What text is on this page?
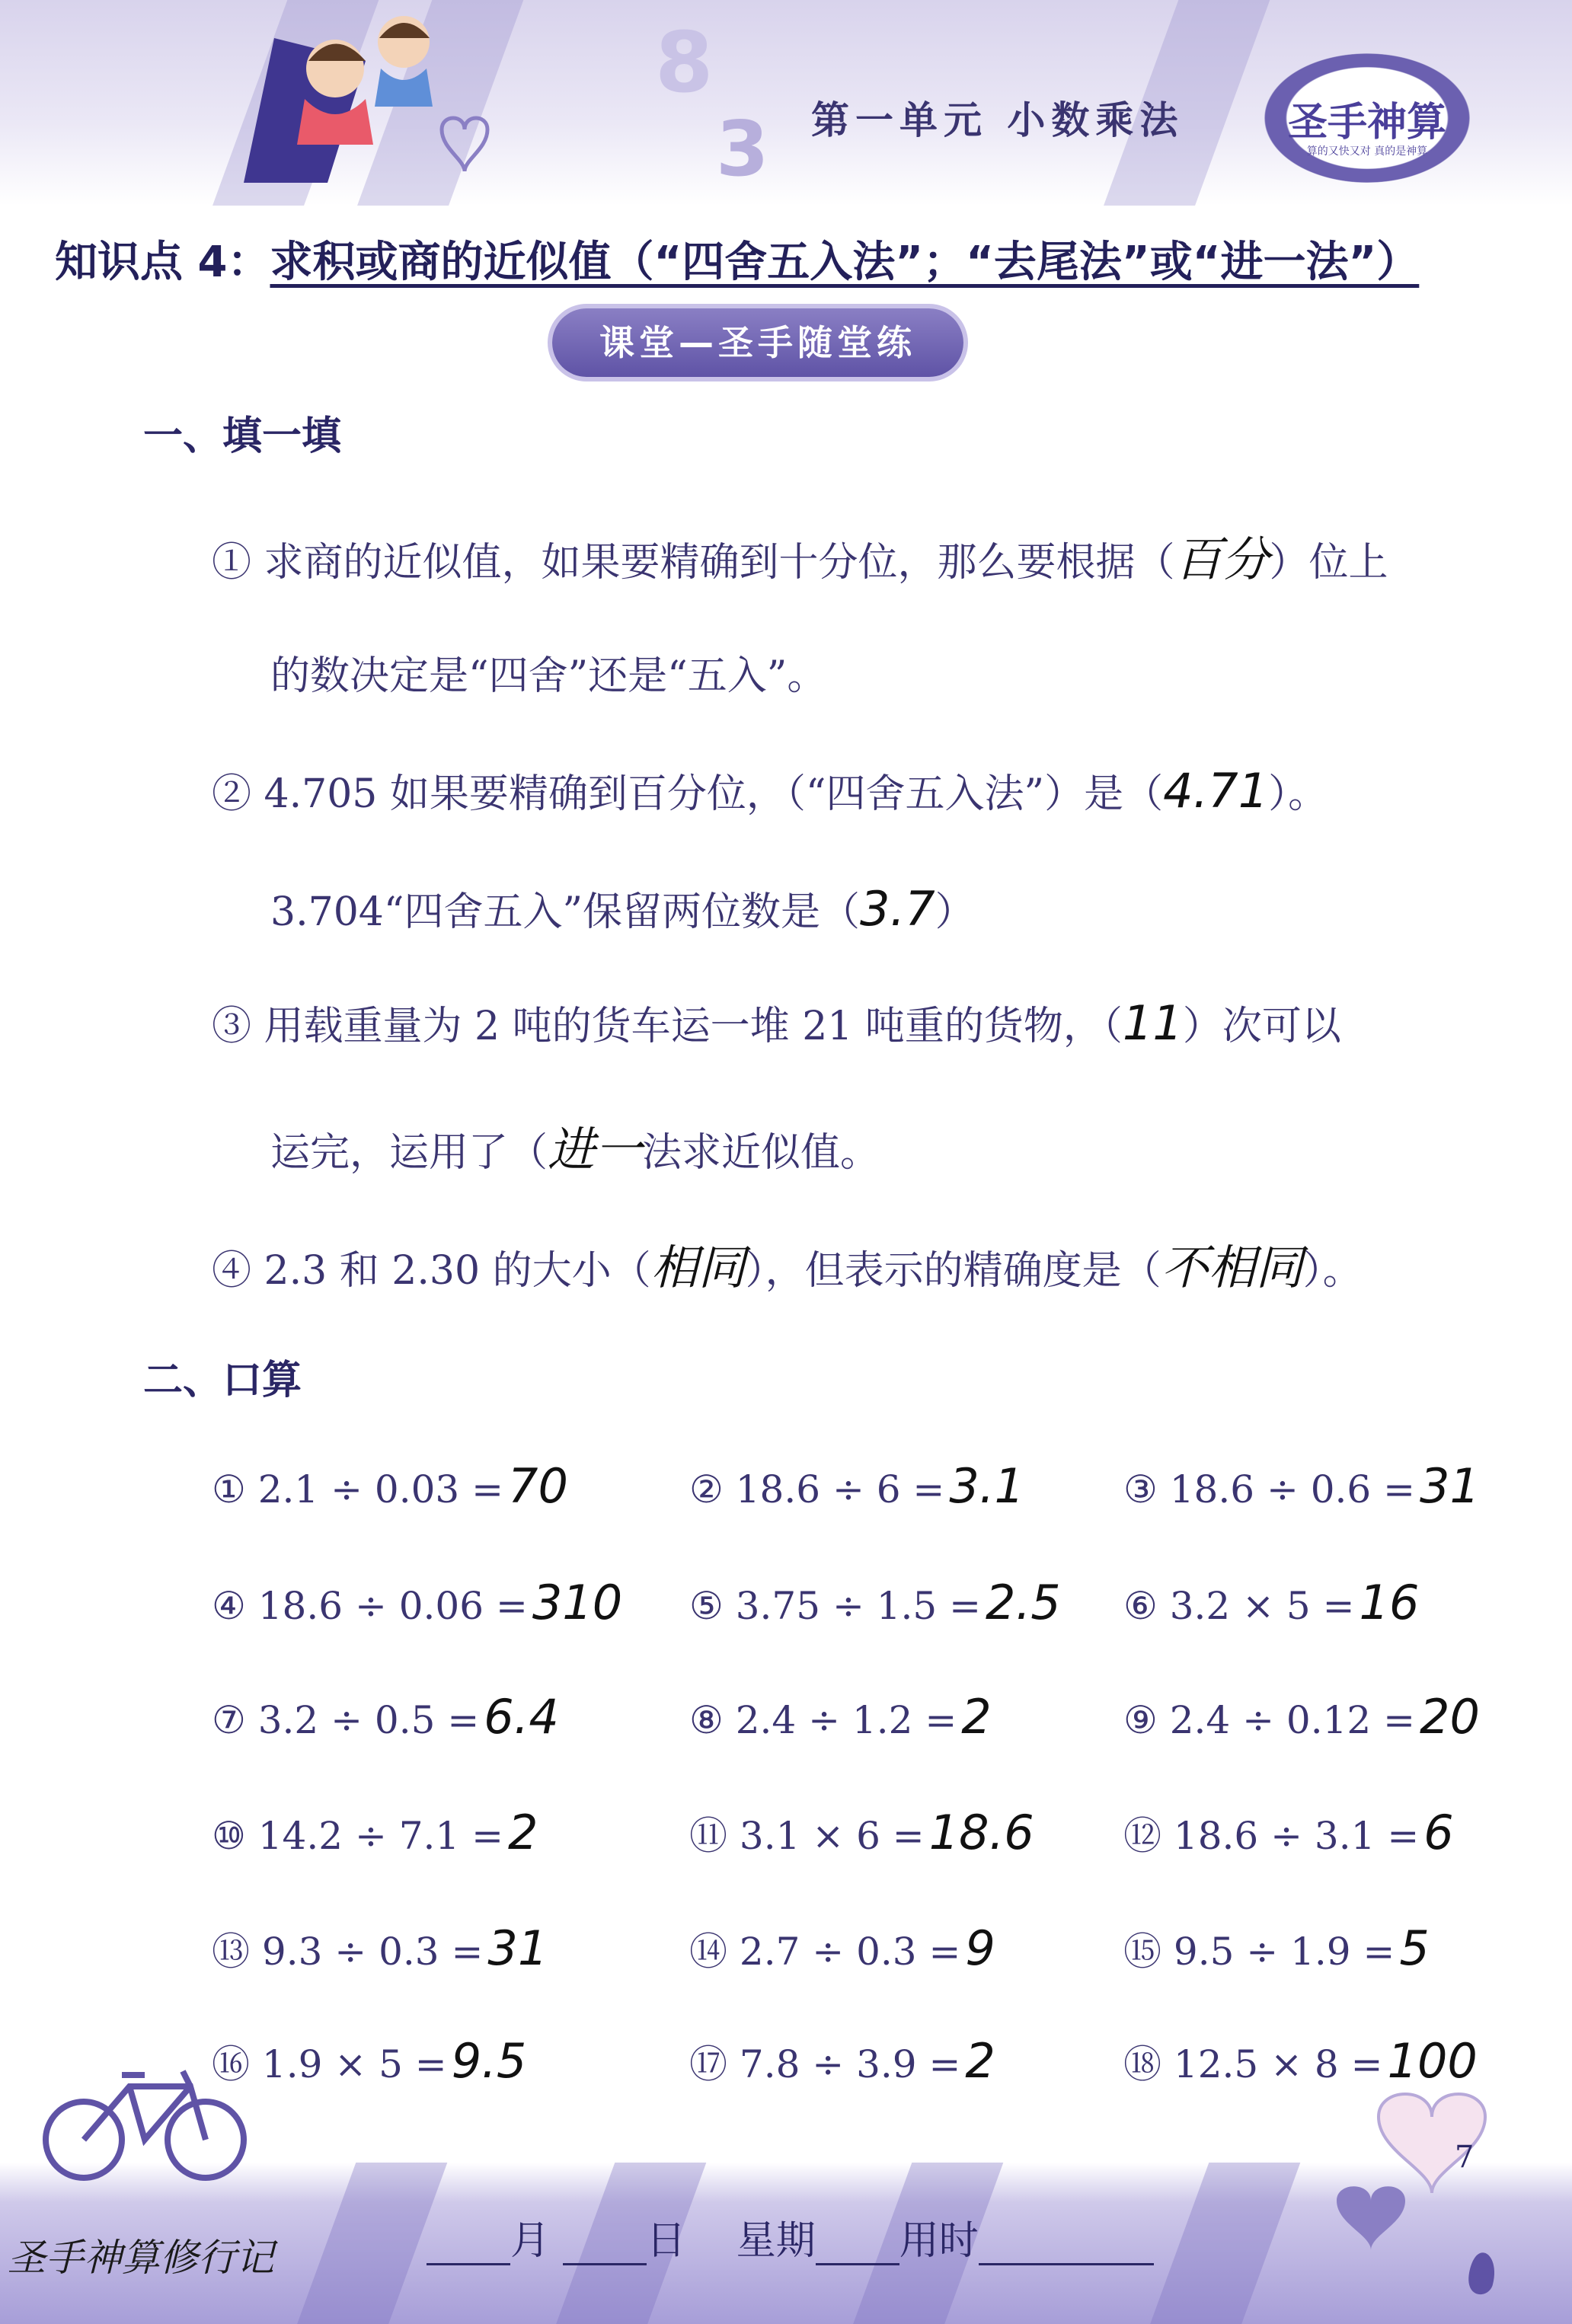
8
3 第一单元 小数乘法	圣手神算
算的又快又对 真的是神算
知识点 4：求积或商的近似值（“四舍五入法”；“去尾法”或“进一法”）
课堂—圣手随堂练
一、填一填
① 求商的近似值，如果要精确到十分位，那么要根据（百分）位上
的数决定是“四舍”还是“五入”。
② 4.705 如果要精确到百分位，（“四舍五入法”）是（4.71）。
3.704“四舍五入”保留两位数是（3.7）
③ 用载重量为 2 吨的货车运一堆 21 吨重的货物，（11）次可以
运完，运用了（进一法求近似值。
④ 2.3 和 2.30 的大小（相同），但表示的精确度是（不相同）。
二、口算
① 2.1 ÷ 0.03 =70	② 18.6 ÷ 6 =3.1	③ 18.6 ÷ 0.6 =31
④ 18.6 ÷ 0.06 =310 ⑤ 3.75 ÷ 1.5 =2.5 ⑥ 3.2 × 5 =16
⑦ 3.2 ÷ 0.5 =6.4	⑧ 2.4 ÷ 1.2 =2	⑨ 2.4 ÷ 0.12 =20
⑩ 14.2 ÷ 7.1 =2	⑪ 3.1 × 6 =18.6 ⑫ 18.6 ÷ 3.1 =6
⑬ 9.3 ÷ 0.3 =31	⑭ 2.7 ÷ 0.3 =9	⑮ 9.5 ÷ 1.9 =5
⑯ 1.9 × 5 =9.5	⑰ 7.8 ÷ 3.9 =2	⑱ 12.5 × 8 =100
7
圣手神算修行记	月 日 星期 用时
